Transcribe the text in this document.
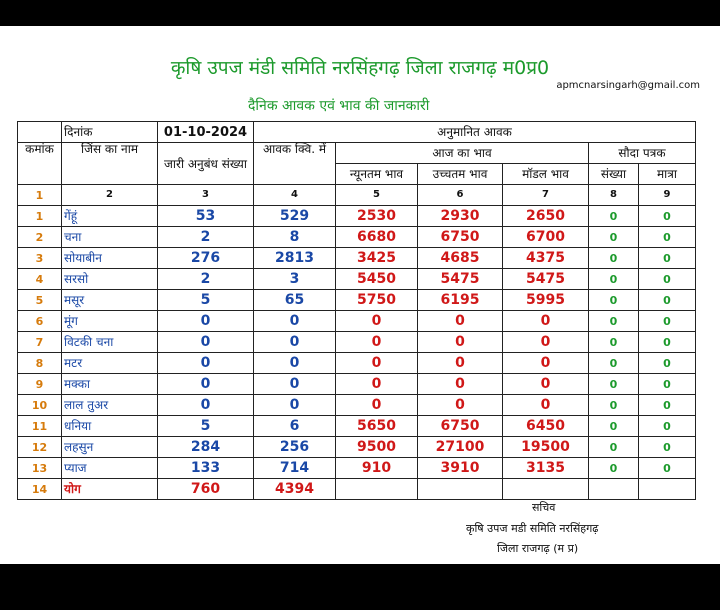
कृषि उपज मंडी समिति नरसिंहगढ़ जिला राजगढ़ म0प्र0
apmcnarsingarh@gmail.com
दैनिक आवक एवं भाव की जानकारी
	दिनांक	01-10-2024	अनुमानित आवक					
कमांक	जिंस का नाम	जारी अनुबंध संख्या	आवक क्वि. में	आज का भाव			सौदा पत्रक	
				न्यूनतम भाव	उच्चतम भाव	मॉडल भाव	संख्या	मात्रा
1	2	3	4	5	6	7	8	9
1	गेंहूं	53	529	2530	2930	2650	0	0
2	चना	2	8	6680	6750	6700	0	0
3	सोयाबीन	276	2813	3425	4685	4375	0	0
4	सरसो	2	3	5450	5475	5475	0	0
5	मसूर	5	65	5750	6195	5995	0	0
6	मूंग	0	0	0	0	0	0	0
7	विटकी चना	0	0	0	0	0	0	0
8	मटर	0	0	0	0	0	0	0
9	मक्का	0	0	0	0	0	0	0
10	लाल तुअर	0	0	0	0	0	0	0
11	धनिया	5	6	5650	6750	6450	0	0
12	लहसुन	284	256	9500	27100	19500	0	0
13	प्याज	133	714	910	3910	3135	0	0
14	योग	760	4394					
सचिव
कृषि उपज मडी समिति नरसिंहगढ़
जिला राजगढ़ (म प्र)
